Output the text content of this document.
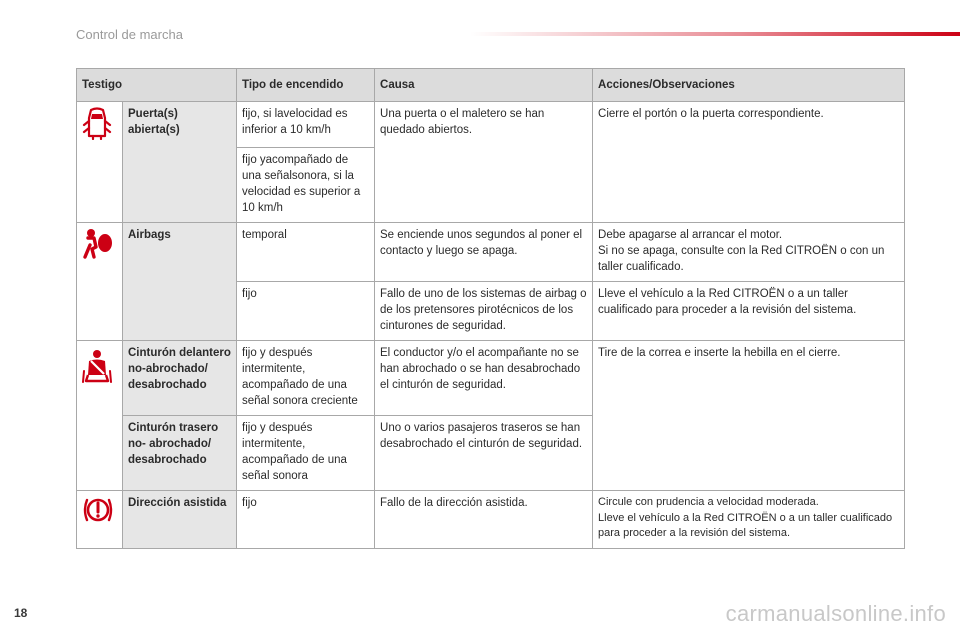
Control de marcha
Testigo		Tipo de encendido	Causa	Acciones/Observaciones
	Puerta(s) abierta(s)	fijo, si lavelocidad es inferior a 10 km/h	Una puerta o el maletero se han quedado abiertos.	Cierre el portón o la puerta correspondiente.
		fijo yacompañado de una señalsonora, si la velocidad es superior a 10 km/h		
	Airbags	temporal	Se enciende unos segundos al poner el contacto y luego se apaga.	Debe apagarse al arrancar el motor.
Si no se apaga, consulte con la Red CITROËN o con un taller cualificado.

		fijo	Fallo de uno de los sistemas de airbag o de los pretensores pirotécnicos de los cinturones de seguridad.	Lleve el vehículo a la Red CITROËN o a un taller cualificado para proceder a la revisión del sistema.

Cinturón delantero
no-abrochado/
desabrochado	fijo y después intermitente, acompañado de una señal sonora creciente	El conductor y/o el acompañante no se han abrochado o se han desabrochado el cinturón de seguridad.	Tire de la correa e inserte la hebilla en el cierre.

	Cinturón trasero
no- abrochado/
desabrochado	fijo y después intermitente, acompañado de una señal sonora	Uno o varios pasajeros traseros se han desabrochado el cinturón de seguridad.	
	Dirección asistida	fijo	Fallo de la dirección asistida.	Circule con prudencia a velocidad moderada.
Lleve el vehículo a la Red CITROËN o a un taller cualificado para proceder a la revisión del sistema.
18	carmanualsonline.info
